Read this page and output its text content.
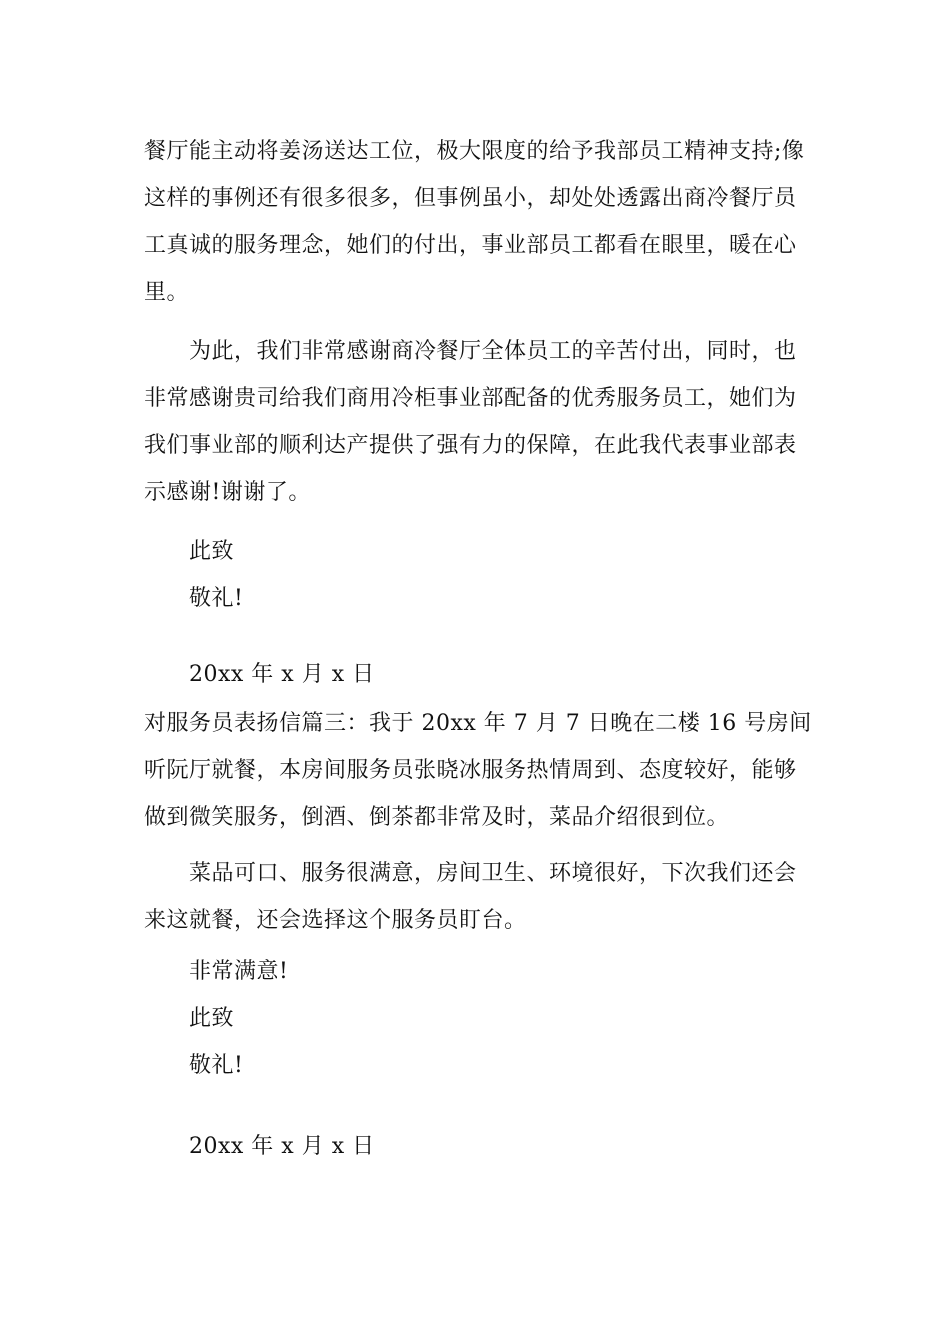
餐厅能主动将姜汤送达工位，极大限度的给予我部员工精神支持;像
这样的事例还有很多很多，但事例虽小，却处处透露出商冷餐厅员
工真诚的服务理念，她们的付出，事业部员工都看在眼里，暖在心
里。
为此，我们非常感谢商冷餐厅全体员工的辛苦付出，同时，也
非常感谢贵司给我们商用冷柜事业部配备的优秀服务员工，她们为
我们事业部的顺利达产提供了强有力的保障，在此我代表事业部表
示感谢!谢谢了。
此致
敬礼!
20xx 年 x 月 x 日
对服务员表扬信篇三： 我于 20xx 年 7 月 7 日晚在二楼 16 号房间
听阮厅就餐，本房间服务员张晓冰服务热情周到、态度较好，能够
做到微笑服务，倒酒、倒茶都非常及时，菜品介绍很到位。
菜品可口、服务很满意，房间卫生、环境很好，下次我们还会
来这就餐，还会选择这个服务员盯台。
非常满意!
此致
敬礼!
20xx 年 x 月 x 日
